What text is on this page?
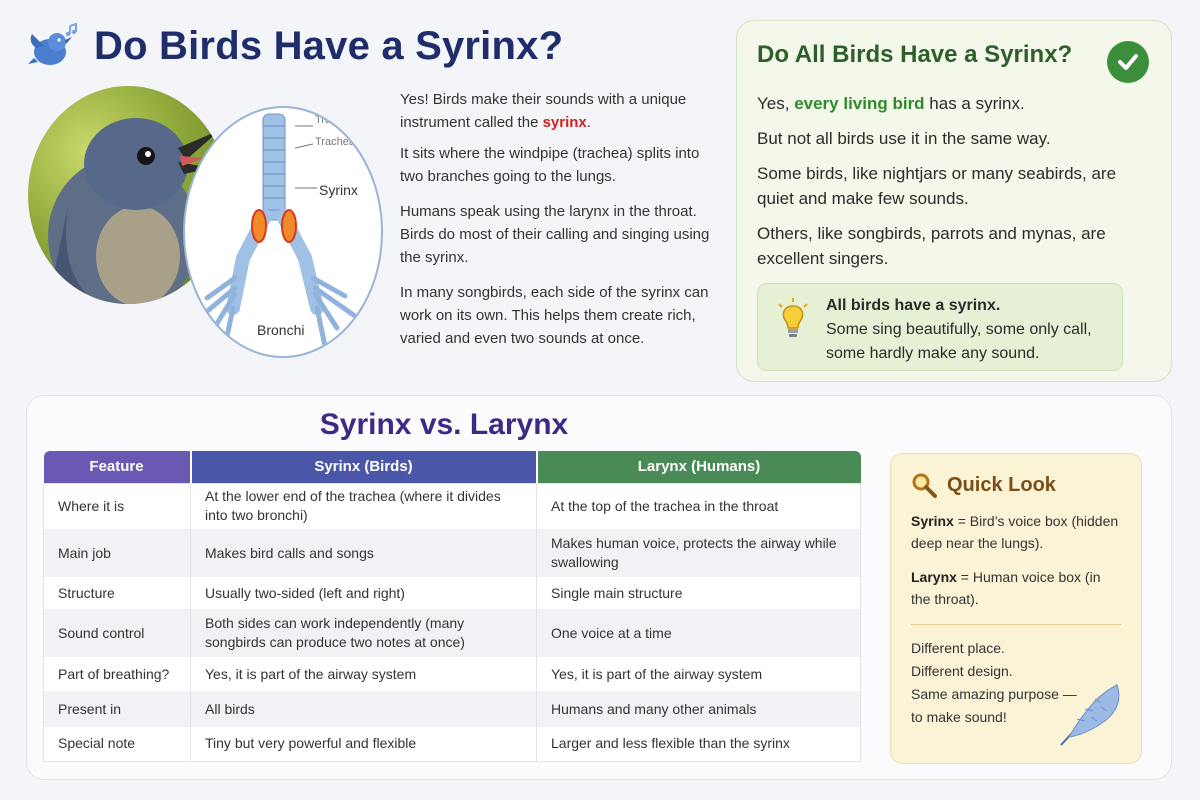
Do Birds Have a Syrinx?
Trachea
Trachea
Syrinx
Bronchi

Yes! Birds make their sounds with a unique instrument called the syrinx.

It sits where the windpipe (trachea) splits into two branches going to the lungs.

Humans speak using the larynx in the throat. Birds do most of their calling and singing using the syrinx.

In many songbirds, each side of the syrinx can work on its own. This helps them create rich, varied and even two sounds at once.

Do All Birds Have a Syrinx?

Yes, every living bird has a syrinx.

But not all birds use it in the same way.

Some birds, like nightjars or many seabirds, are quiet and make few sounds.

Others, like songbirds, parrots and mynas, are excellent singers.

All birds have a syrinx.
Some sing beautifully, some only call,
some hardly make any sound.
Syrinx vs. Larynx
Feature	Syrinx (Birds)	Larynx (Humans)
Where it is	At the lower end of the trachea (where it divides into two bronchi)	At the top of the trachea in the throat
Main job	Makes bird calls and songs	Makes human voice, protects the airway while swallowing
Structure	Usually two-sided (left and right)	Single main structure
Sound control	Both sides can work independently (many songbirds can produce two notes at once)	One voice at a time
Part of breathing?	Yes, it is part of the airway system	Yes, it is part of the airway system
Present in	All birds	Humans and many other animals
Special note	Tiny but very powerful and flexible	Larger and less flexible than the syrinx
Quick Look
Syrinx = Bird’s voice box (hidden deep near the lungs).
Larynx = Human voice box (in the throat).
Different place.
Different design.
Same amazing purpose —
to make sound!
